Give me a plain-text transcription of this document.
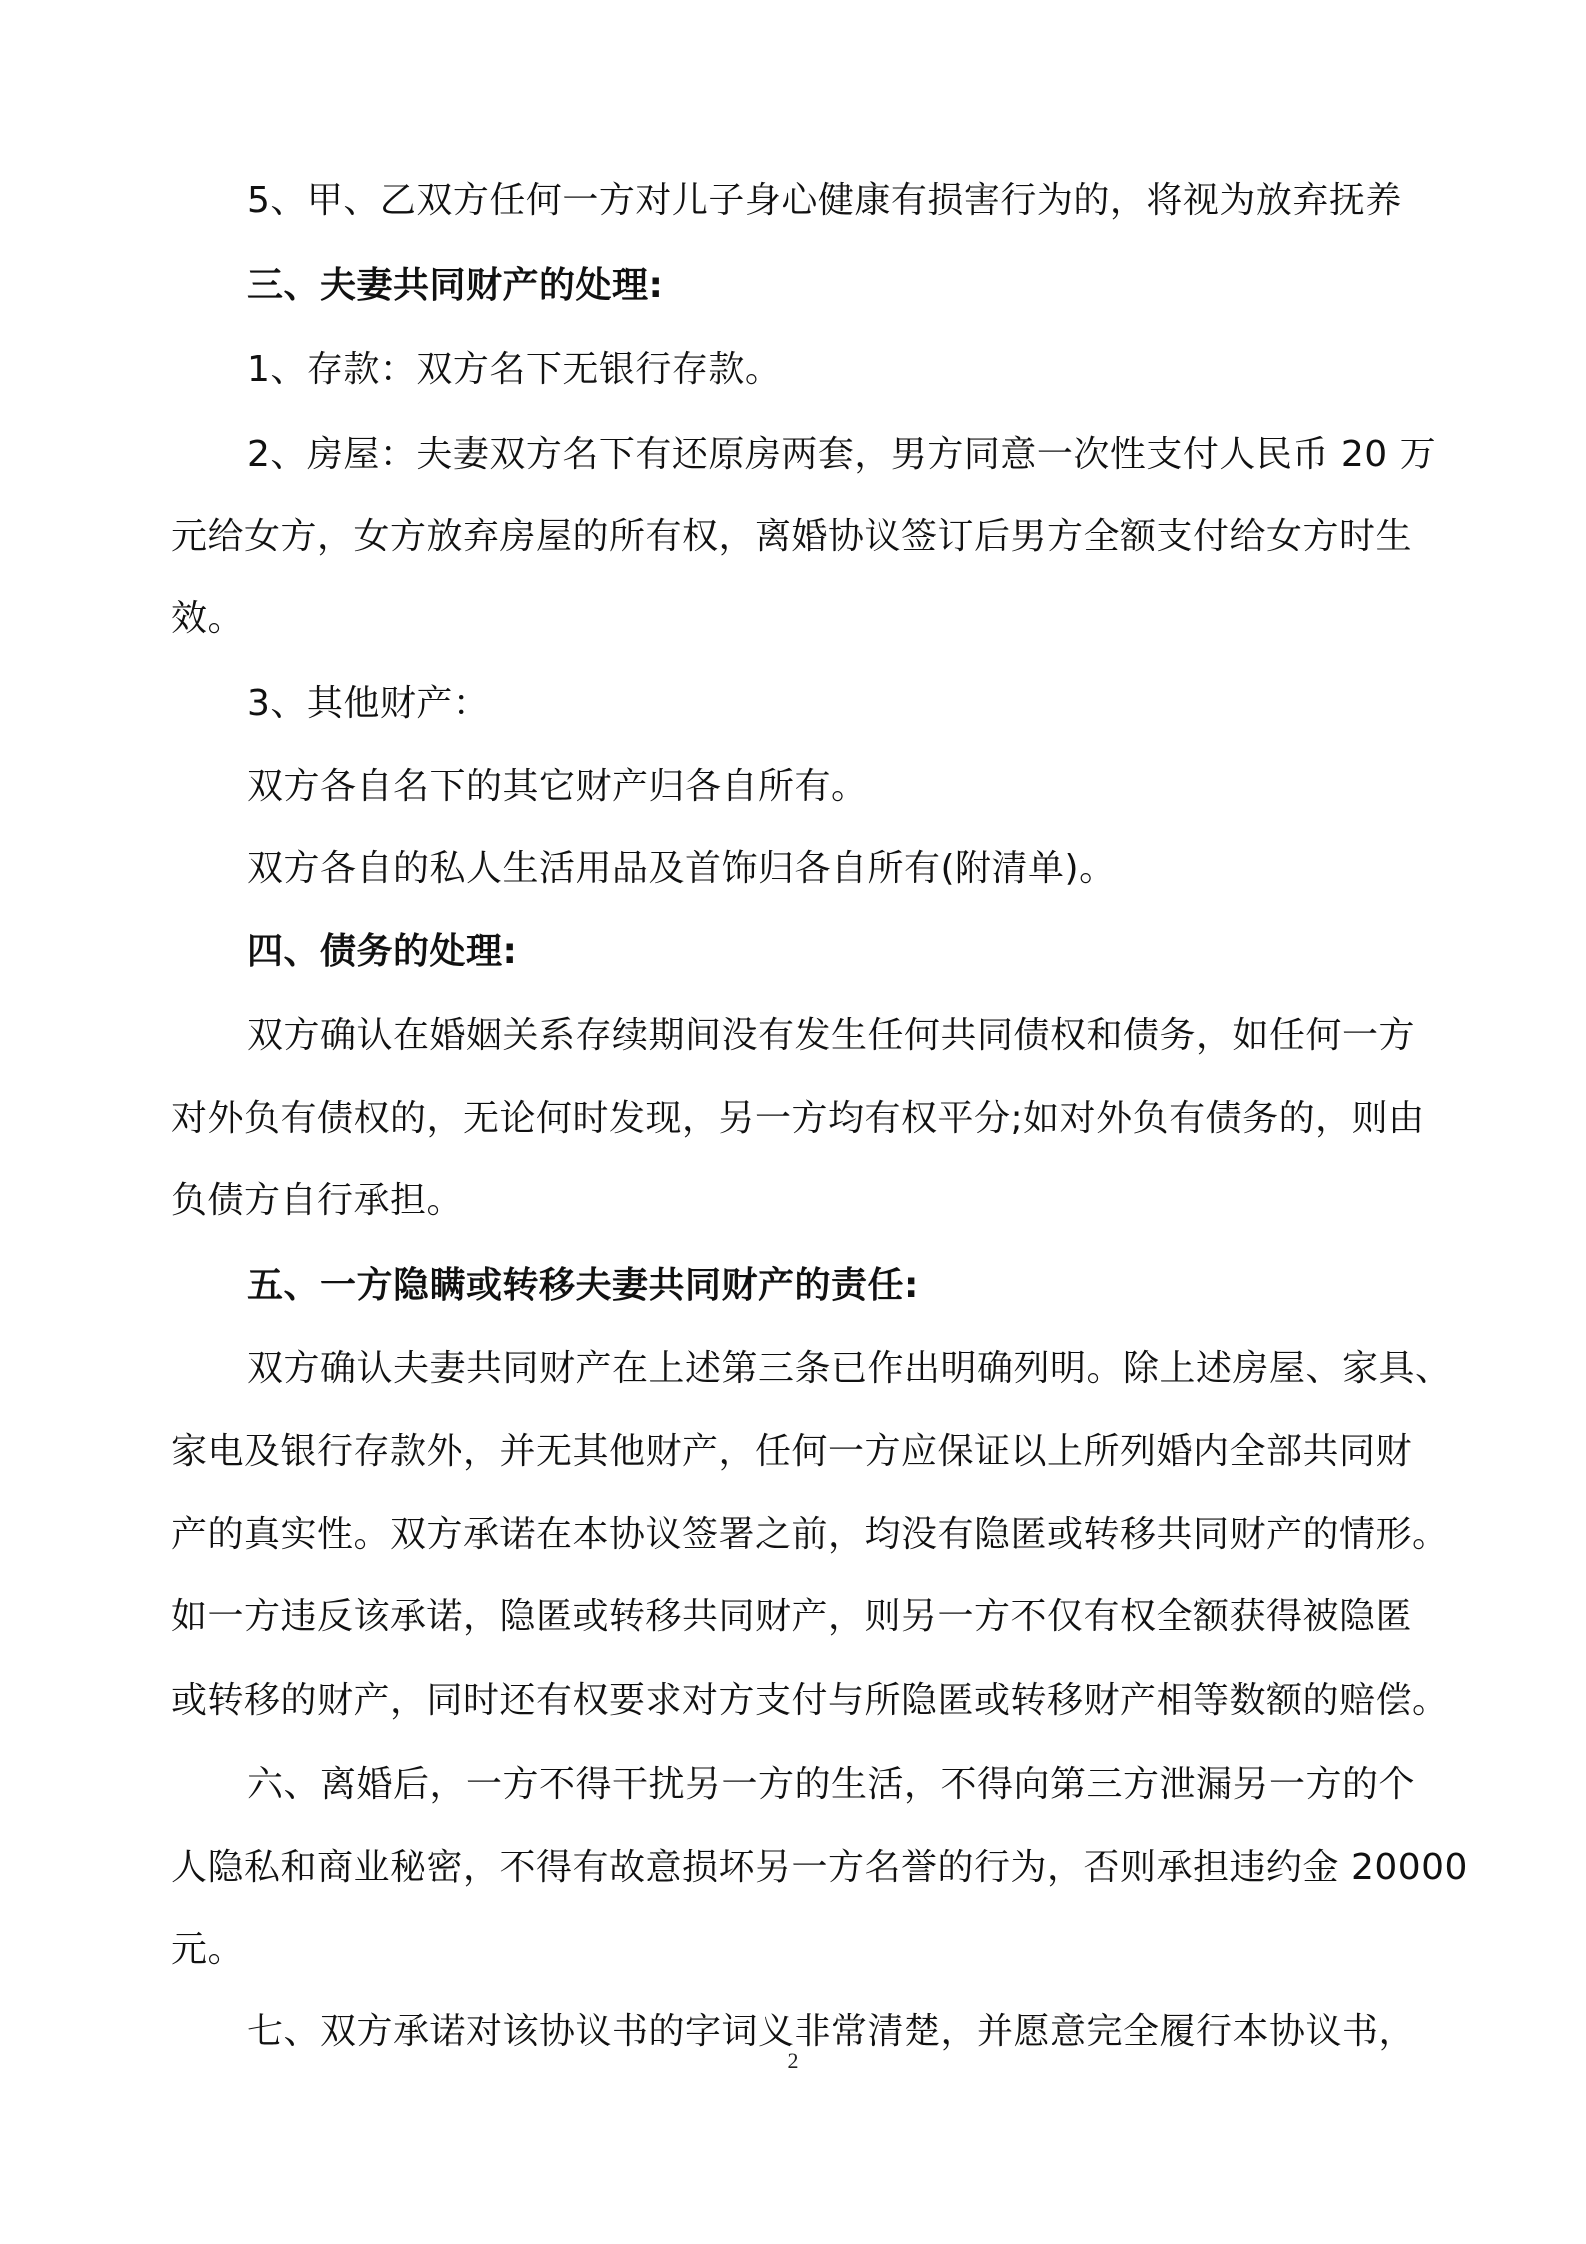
5、甲、乙双方任何一方对儿子身心健康有损害行为的，将视为放弃抚养
三、夫妻共同财产的处理:
1、存款：双方名下无银行存款。
2、房屋：夫妻双方名下有还原房两套，男方同意一次性支付人民币 20 万
元给女方，女方放弃房屋的所有权，离婚协议签订后男方全额支付给女方时生
效。
3、其他财产：
双方各自名下的其它财产归各自所有。
双方各自的私人生活用品及首饰归各自所有(附清单)。
四、债务的处理:
双方确认在婚姻关系存续期间没有发生任何共同债权和债务，如任何一方
对外负有债权的，无论何时发现，另一方均有权平分;如对外负有债务的，则由
负债方自行承担。
五、一方隐瞒或转移夫妻共同财产的责任:
双方确认夫妻共同财产在上述第三条已作出明确列明。除上述房屋、家具、
家电及银行存款外，并无其他财产，任何一方应保证以上所列婚内全部共同财
产的真实性。双方承诺在本协议签署之前，均没有隐匿或转移共同财产的情形。
如一方违反该承诺，隐匿或转移共同财产，则另一方不仅有权全额获得被隐匿
或转移的财产，同时还有权要求对方支付与所隐匿或转移财产相等数额的赔偿。
六、离婚后，一方不得干扰另一方的生活，不得向第三方泄漏另一方的个
人隐私和商业秘密，不得有故意损坏另一方名誉的行为，否则承担违约金 20000
元。
七、双方承诺对该协议书的字词义非常清楚，并愿意完全履行本协议书，
2
